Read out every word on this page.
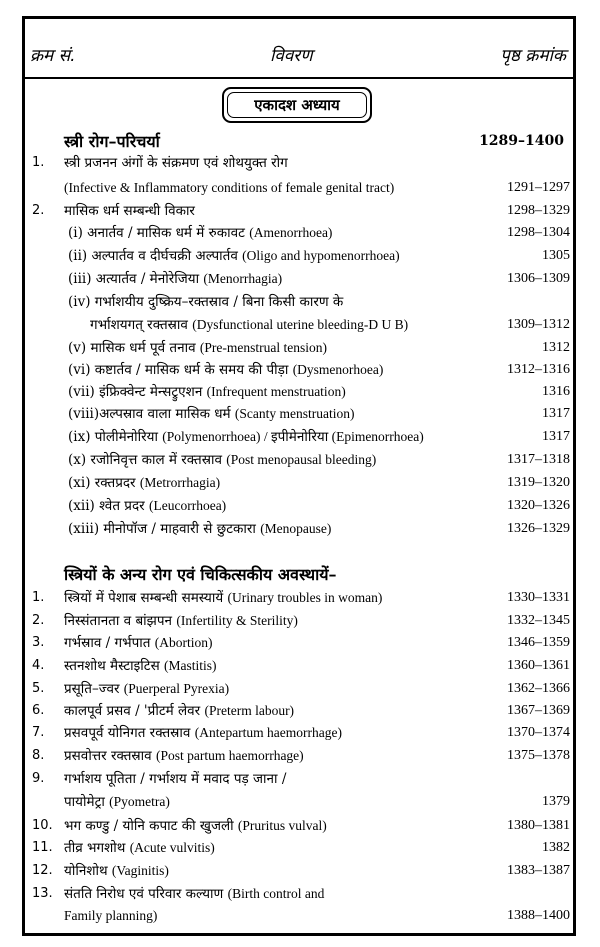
क्रम सं.	विवरण	पृष्ठ क्रमांक
एकादश अध्याय
स्त्री रोग–परिचर्या	1289–1400
1. स्त्री प्रजनन अंगों के संक्रमण एवं शोथयुक्त रोग
(Infective & Inflammatory conditions of female genital tract)	1291–1297
2. मासिक धर्म सम्बन्धी विकार	1298–1329
(i) अनार्तव / मासिक धर्म में रुकावट (Amenorrhoea)	1298–1304
(ii) अल्पार्तव व दीर्घचक्री अल्पार्तव (Oligo and hypomenorrhoea)	1305
(iii) अत्यार्तव / मेनोरेजिया (Menorrhagia)	1306–1309
(iv) गर्भाशयीय दुष्क्रिय–रक्तस्राव / बिना किसी कारण के
गर्भाशयगत् रक्तस्राव (Dysfunctional uterine bleeding-D U B)	1309–1312
(v) मासिक धर्म पूर्व तनाव (Pre-menstrual tension)	1312
(vi) कष्टार्तव / मासिक धर्म के समय की पीड़ा (Dysmenorhoea)	1312–1316
(vii) इंफ्रिक्वेन्ट मेन्सट्रुएशन (Infrequent menstruation)	1316
(viii)अल्पस्राव वाला मासिक धर्म (Scanty menstruation)	1317
(ix) पोलीमेनोरिया (Polymenorrhoea) / इपीमेनोरिया (Epimenorrhoea)	1317
(x) रजोनिवृत्त काल में रक्तस्राव (Post menopausal bleeding)	1317–1318
(xi) रक्तप्रदर (Metrorrhagia)	1319–1320
(xii) श्वेत प्रदर (Leucorrhoea)	1320–1326
(xiii) मीनोपॉज / माहवारी से छुटकारा (Menopause)	1326–1329
स्त्रियों के अन्य रोग एवं चिकित्सकीय अवस्थायें–
1. स्त्रियों में पेशाब सम्बन्धी समस्यायें (Urinary troubles in woman)	1330–1331
2. निस्संतानता व बांझपन (Infertility & Sterility)	1332–1345
3. गर्भस्राव / गर्भपात (Abortion)	1346–1359
4. स्तनशोथ मैस्टाइटिस (Mastitis)	1360–1361
5. प्रसूति–ज्वर (Puerperal Pyrexia)	1362–1366
6. कालपूर्व प्रसव / 'प्रीटर्म लेवर (Preterm labour)	1367–1369
7. प्रसवपूर्व योनिगत रक्तस्राव (Antepartum haemorrhage)	1370–1374
8. प्रसवोत्तर रक्तस्राव (Post partum haemorrhage)	1375–1378
9. गर्भाशय पूतिता / गर्भाशय में मवाद पड़ जाना /
पायोमेट्रा (Pyometra)	1379
10. भग कण्डु / योनि कपाट की खुजली (Pruritus vulval)	1380–1381
11. तीव्र भगशोथ (Acute vulvitis)	1382
12. योनिशोथ (Vaginitis)	1383–1387
13. संतति निरोध एवं परिवार कल्याण (Birth control and
Family planning)	1388–1400
